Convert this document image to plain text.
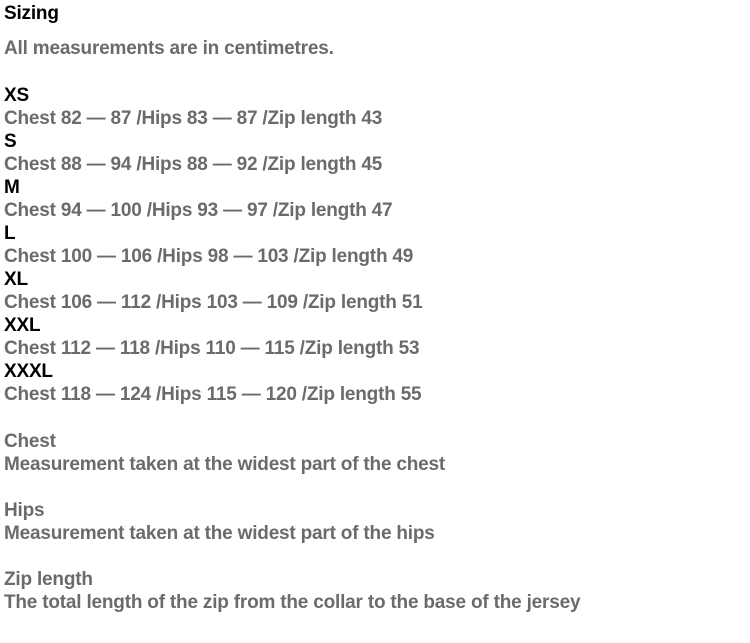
Sizing
All measurements are in centimetres.
XS
Chest 82 — 87 /Hips 83 — 87 /Zip length 43
S
Chest 88 — 94 /Hips 88 — 92 /Zip length 45
M
Chest 94 — 100 /Hips 93 — 97 /Zip length 47
L
Chest 100 — 106 /Hips 98 — 103 /Zip length 49
XL
Chest 106 — 112 /Hips 103 — 109 /Zip length 51
XXL
Chest 112 — 118 /Hips 110 — 115 /Zip length 53
XXXL
Chest 118 — 124 /Hips 115 — 120 /Zip length 55
Chest
Measurement taken at the widest part of the chest
Hips
Measurement taken at the widest part of the hips
Zip length
The total length of the zip from the collar to the base of the jersey
